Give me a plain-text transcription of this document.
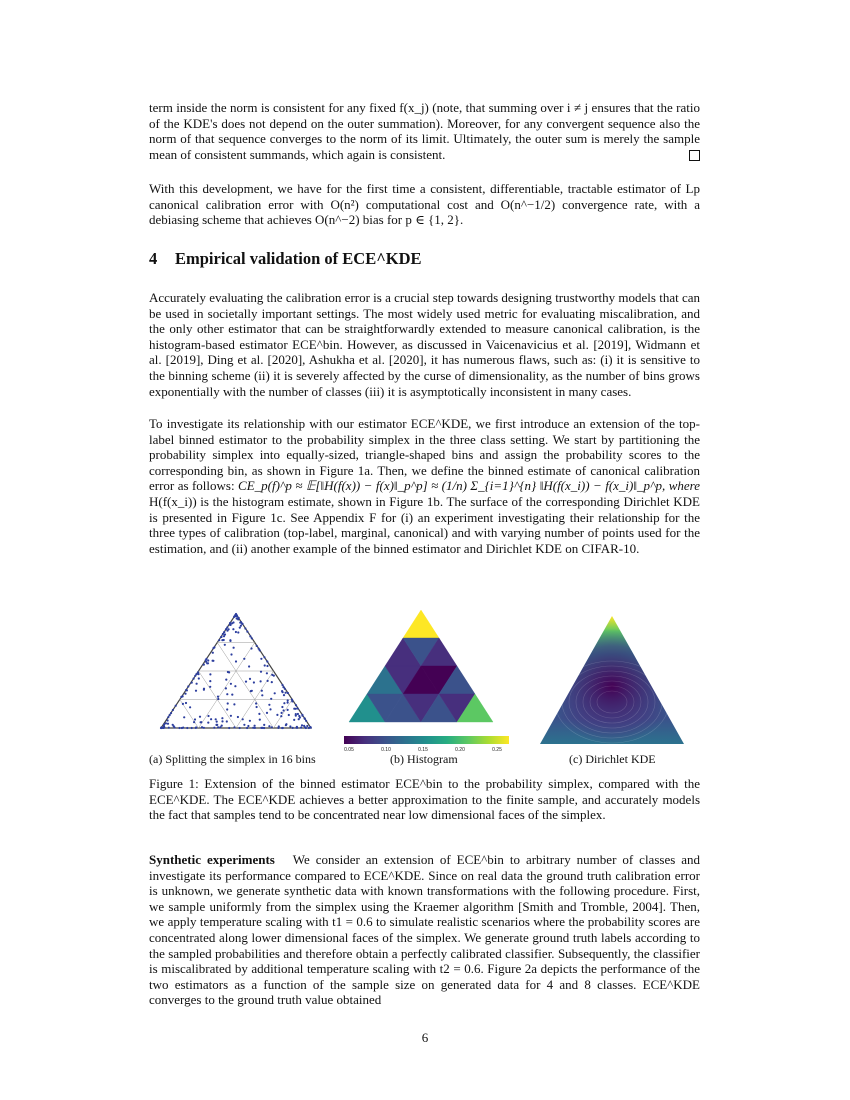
term inside the norm is consistent for any fixed f(x_j) (note, that summing over i ≠ j ensures that the ratio of the KDE's does not depend on the outer summation). Moreover, for any convergent sequence also the norm of that sequence converges to the norm of its limit. Ultimately, the outer sum is merely the sample mean of consistent summands, which again is consistent.

With this development, we have for the first time a consistent, differentiable, tractable estimator of Lp canonical calibration error with O(n²) computational cost and O(n^−1/2) convergence rate, with a debiasing scheme that achieves O(n^−2) bias for p ∈ {1, 2}.

4 Empirical validation of ECE^KDE

Accurately evaluating the calibration error is a crucial step towards designing trustworthy models that can be used in societally important settings. The most widely used metric for evaluating miscalibration, and the only other estimator that can be straightforwardly extended to measure canonical calibration, is the histogram-based estimator ECE^bin. However, as discussed in Vaicenavicius et al. [2019], Widmann et al. [2019], Ding et al. [2020], Ashukha et al. [2020], it has numerous flaws, such as: (i) it is sensitive to the binning scheme (ii) it is severely affected by the curse of dimensionality, as the number of bins grows exponentially with the number of classes (iii) it is asymptotically inconsistent in many cases.

To investigate its relationship with our estimator ECE^KDE, we first introduce an extension of the top-label binned estimator to the probability simplex in the three class setting. We start by partitioning the probability simplex into equally-sized, triangle-shaped bins and assign the probability scores to the corresponding bin, as shown in Figure 1a. Then, we define the binned estimate of canonical calibration error as follows: CE_p(f)^p ≈ 𝔼[‖H(f(x)) − f(x)‖_p^p] ≈ (1/n) Σ_{i=1}^{n} ‖H(f(x_i)) − f(x_i)‖_p^p, where H(f(x_i)) is the histogram estimate, shown in Figure 1b. The surface of the corresponding Dirichlet KDE is presented in Figure 1c. See Appendix F for (i) an experiment investigating their relationship for the three types of calibration (top-label, marginal, canonical) and with varying number of points used for the estimation, and (ii) another example of the binned estimator and Dirichlet KDE on CIFAR-10.

0.05	0.10	0.15	0.20	0.25
(a) Splitting the simplex in 16 bins	(b) Histogram	(c) Dirichlet KDE
Figure 1: Extension of the binned estimator ECE^bin to the probability simplex, compared with the ECE^KDE. The ECE^KDE achieves a better approximation to the finite sample, and accurately models the fact that samples tend to be concentrated near low dimensional faces of the simplex.

Synthetic experiments We consider an extension of ECE^bin to arbitrary number of classes and investigate its performance compared to ECE^KDE. Since on real data the ground truth calibration error is unknown, we generate synthetic data with known transformations with the following procedure. First, we sample uniformly from the simplex using the Kraemer algorithm [Smith and Tromble, 2004]. Then, we apply temperature scaling with t1 = 0.6 to simulate realistic scenarios where the probability scores are concentrated along lower dimensional faces of the simplex. We generate ground truth labels according to the sampled probabilities and therefore obtain a perfectly calibrated classifier. Subsequently, the classifier is miscalibrated by additional temperature scaling with t2 = 0.6. Figure 2a depicts the performance of the two estimators as a function of the sample size on generated data for 4 and 8 classes. ECE^KDE converges to the ground truth value obtained

6
